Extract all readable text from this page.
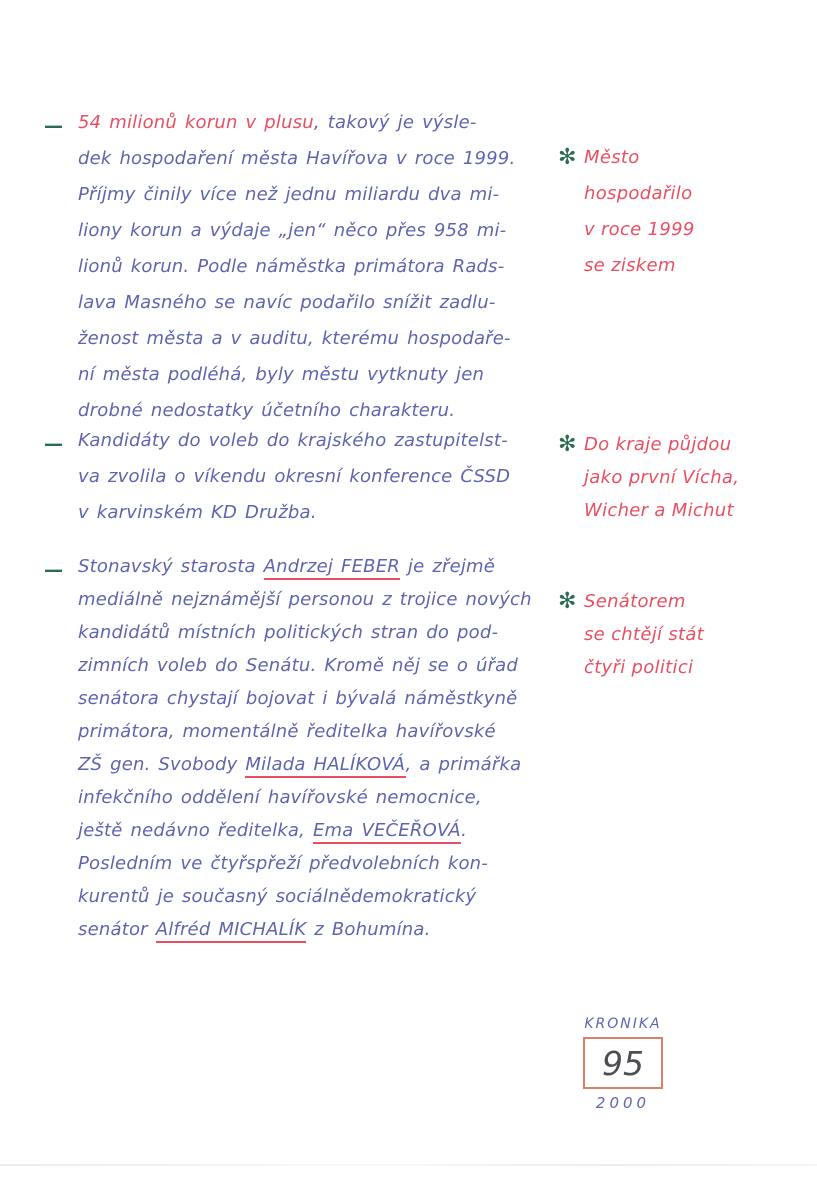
— 54 milionů korun v plusu, takový je výsle-
dek hospodaření města Havířova v roce 1999.
Příjmy činily více než jednu miliardu dva mi-
liony korun a výdaje „jen“ něco přes 958 mi-
lionů korun. Podle náměstka primátora Rads-
lava Masného se navíc podařilo snížit zadlu-
ženost města a v auditu, kterému hospodaře-
ní města podléhá, byly městu vytknuty jen
drobné nedostatky účetního charakteru.
— Kandidáty do voleb do krajského zastupitelst-
va zvolila o víkendu okresní konference ČSSD
v karvinském KD Družba.
— Stonavský starosta Andrzej FEBER je zřejmě
mediálně nejznámější personou z trojice nových
kandidátů místních politických stran do pod-
zimních voleb do Senátu. Kromě něj se o úřad
senátora chystají bojovat i bývalá náměstkyně
primátora, momentálně ředitelka havířovské
ZŠ gen. Svobody Milada HALÍKOVÁ, a primářka
infekčního oddělení havířovské nemocnice,
ještě nedávno ředitelka, Ema VEČEŘOVÁ.
Posledním ve čtyřspřeží předvolebních kon-
kurentů je současný sociálnědemokratický
senátor Alfréd MICHALÍK z Bohumína.
✻ Město
hospodařilo
v roce 1999
se ziskem
✻ Do kraje půjdou
jako první Vícha,
Wicher a Michut
✻ Senátorem
se chtějí stát
čtyři politici
KRONIKA
95
2000
